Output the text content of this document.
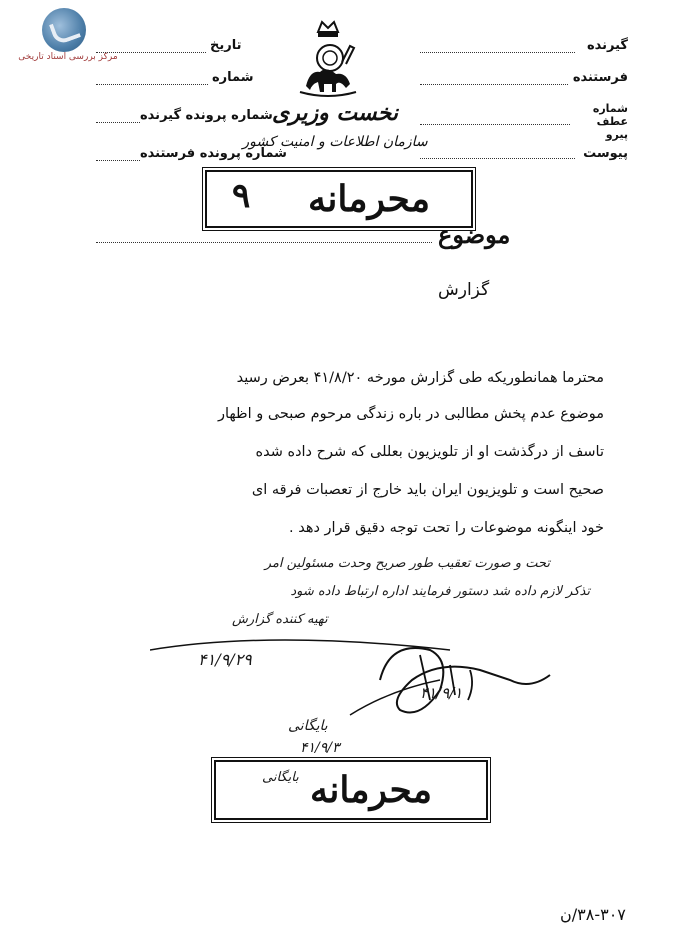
مرکز بررسی اسناد تاریخی
نخست وزیری
سازمان اطلاعات و امنیت کشور
گیرنده
فرستنده
شماره عطف پیرو
پیوست
تاریخ
شماره
شماره پرونده گیرنده
شماره پرونده فرستنده
محرمانه
۹
موضوع
گزارش
محترما همانطوریکه طی گزارش مورخه ۴۱/۸/۲۰ بعرض رسید
موضوع عدم پخش مطالبی در باره زندگی مرحوم صبحی و اظهار
تاسف از درگذشت او از تلویزیون بعللی که شرح داده شده
صحیح است و تلویزیون ایران باید خارج از تعصبات فرقه ای
خود اینگونه موضوعات را تحت توجه دقیق قرار دهد .
تحت و صورت تعقیب طور صریح وحدت مسئولین امر
تذکر لازم داده شد دستور فرمایند اداره ارتباط داده شود
تهیه کننده گزارش
۴۱/۹/۲۹
۴۱/۹/۱
بایگانی
۴۱/۹/۳
بایگانی محرمانه
۳۸-۳۰۷/ن
